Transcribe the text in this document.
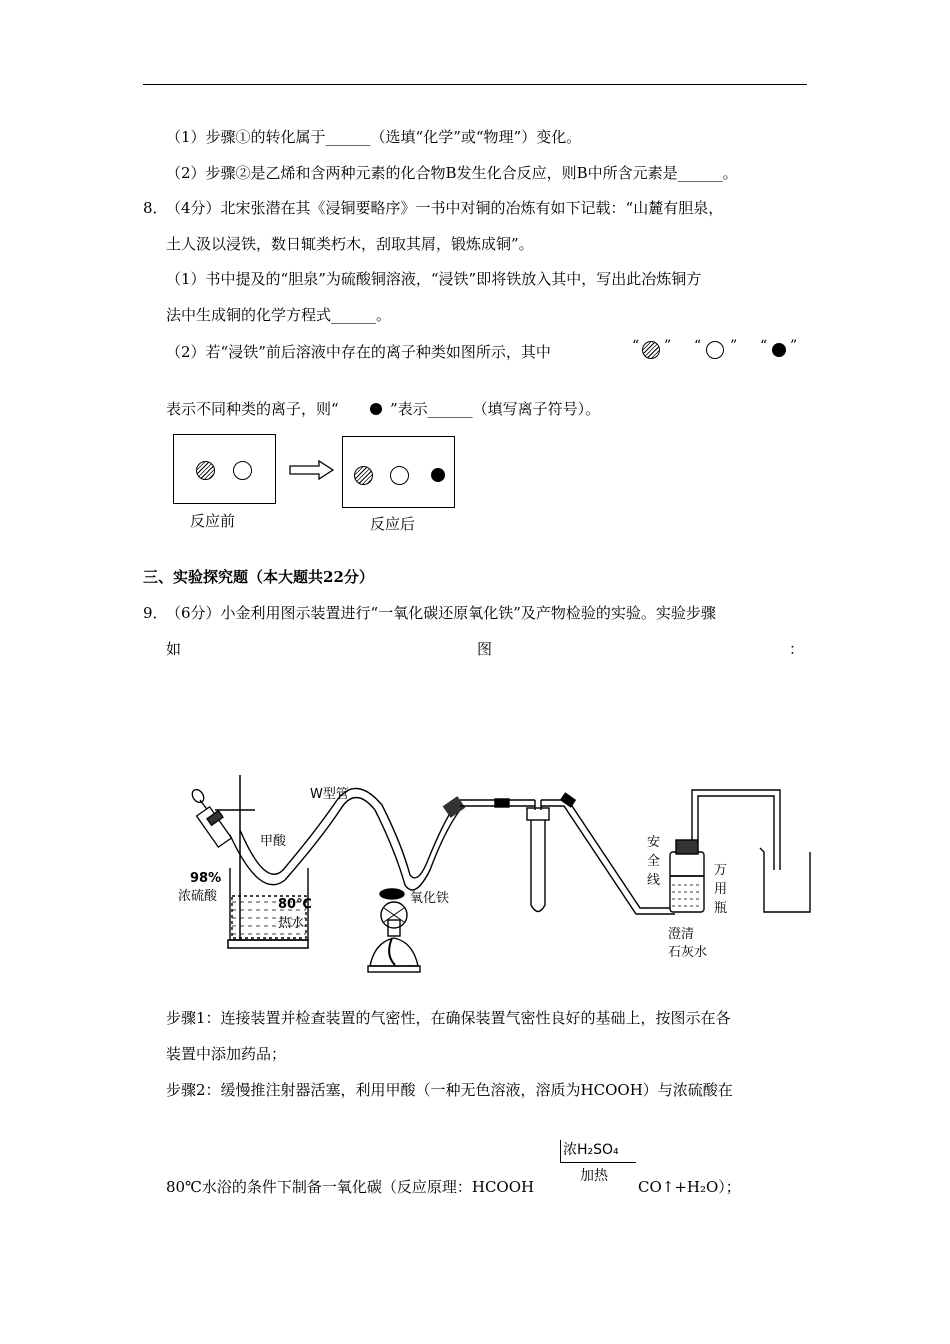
（1）步骤①的转化属于______（选填“化学”或“物理”）变化。
（2）步骤②是乙烯和含两种元素的化合物B发生化合反应，则B中所含元素是______。
8．
（4分）北宋张潜在其《浸铜要略序》一书中对铜的冶炼有如下记载：“山麓有胆泉，
土人汲以浸铁，数日辄类朽木，刮取其屑，锻炼成铜”。
（1）书中提及的“胆泉”为硫酸铜溶液，“浸铁”即将铁放入其中，写出此冶炼铜方
法中生成铜的化学方程式______。
（2）若“浸铁”前后溶液中存在的离子种类如图所示，其中	“ ” “ ” “ ”
表示不同种类的离子，则“	”表示______（填写离子符号）。
反应前	反应后
三、实验探究题（本大题共22分）
9．
（6分）小金利用图示装置进行“一氧化碳还原氧化铁”及产物检验的实验。实验步骤
如	图	：
W型管
甲酸
98%
浓硫酸
80℃
热水
氧化铁
安
全
线
万
用
瓶
澄清
石灰水
步骤1：连接装置并检查装置的气密性，在确保装置气密性良好的基础上，按图示在各
装置中添加药品；
步骤2：缓慢推注射器活塞，利用甲酸（一种无色溶液，溶质为HCOOH）与浓硫酸在
浓H₂SO₄
加热
80℃水浴的条件下制备一氧化碳（反应原理：HCOOH	CO↑+H₂O）；
